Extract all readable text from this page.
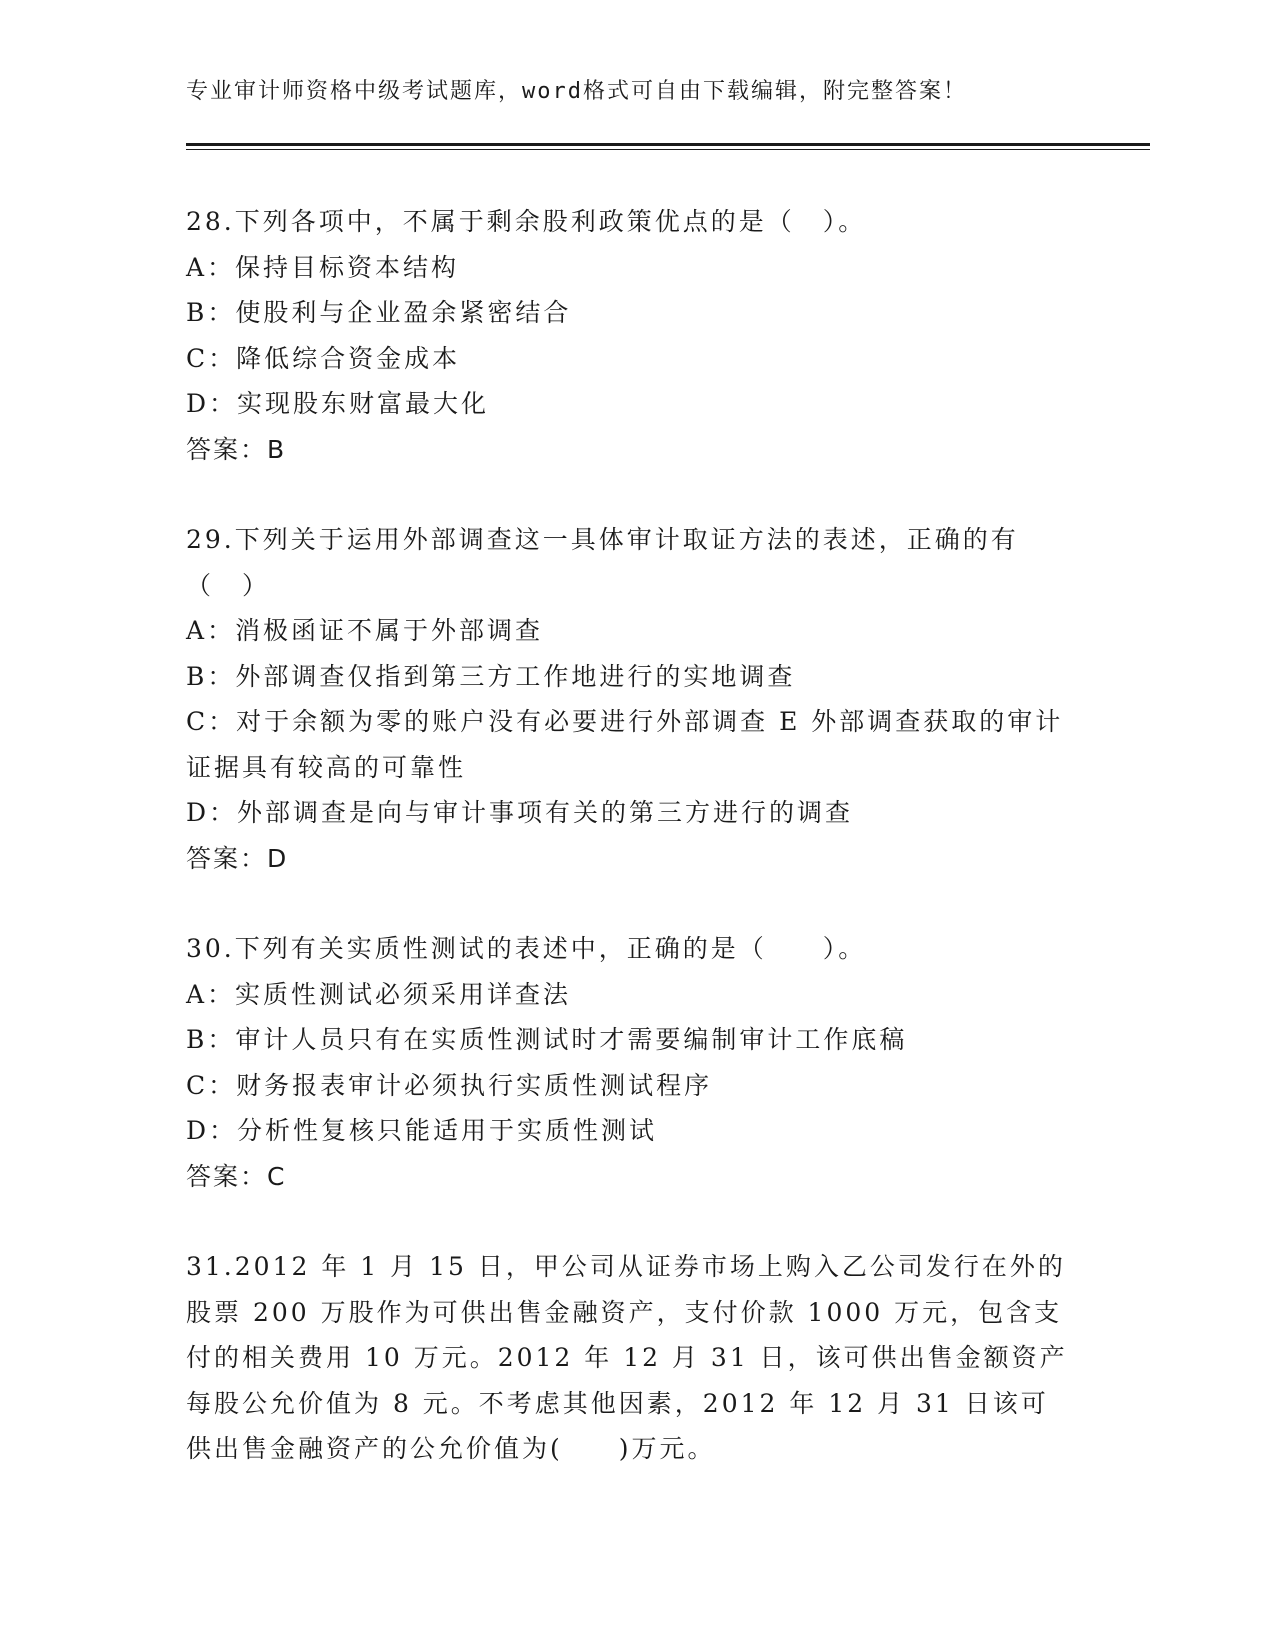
专业审计师资格中级考试题库，word格式可自由下载编辑，附完整答案！
28.下列各项中，不属于剩余股利政策优点的是（　）。
A：保持目标资本结构
B：使股利与企业盈余紧密结合
C：降低综合资金成本
D：实现股东财富最大化
答案：B
29.下列关于运用外部调查这一具体审计取证方法的表述，正确的有（　）
A：消极函证不属于外部调查
B：外部调查仅指到第三方工作地进行的实地调查
C：对于余额为零的账户没有必要进行外部调查 E 外部调查获取的审计证据具有较高的可靠性
D：外部调查是向与审计事项有关的第三方进行的调查
答案：D
30.下列有关实质性测试的表述中，正确的是（　　）。
A：实质性测试必须采用详查法
B：审计人员只有在实质性测试时才需要编制审计工作底稿
C：财务报表审计必须执行实质性测试程序
D：分析性复核只能适用于实质性测试
答案：C
31.2012 年 1 月 15 日，甲公司从证券市场上购入乙公司发行在外的股票 200 万股作为可供出售金融资产，支付价款 1000 万元，包含支付的相关费用 10 万元。2012 年 12 月 31 日，该可供出售金额资产每股公允价值为 8 元。不考虑其他因素，2012 年 12 月 31 日该可供出售金融资产的公允价值为(　　)万元。
